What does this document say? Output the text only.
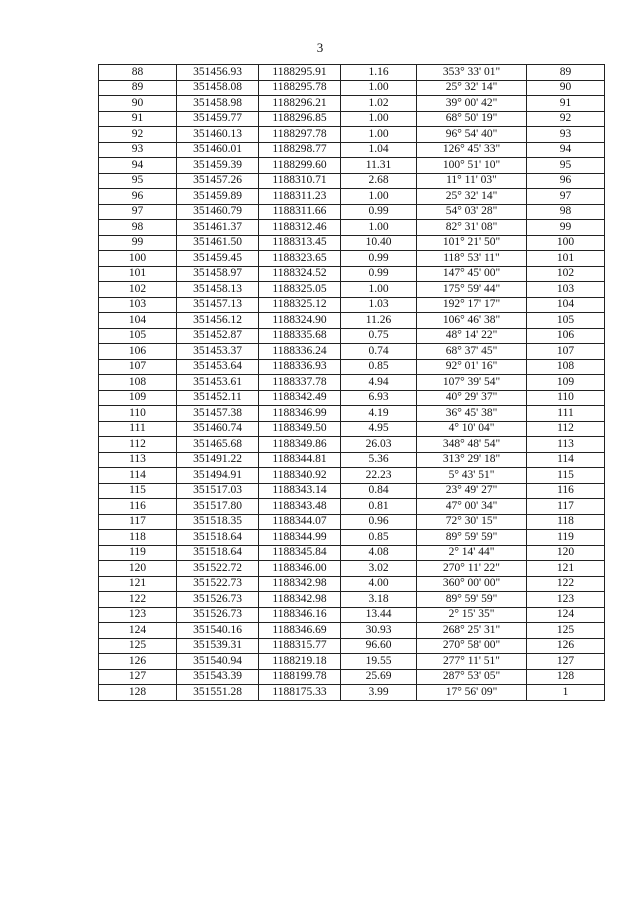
3
88	351456.93	1188295.91	1.16	353° 33' 01"	89
89	351458.08	1188295.78	1.00	25° 32' 14"	90
90	351458.98	1188296.21	1.02	39° 00' 42"	91
91	351459.77	1188296.85	1.00	68° 50' 19"	92
92	351460.13	1188297.78	1.00	96° 54' 40"	93
93	351460.01	1188298.77	1.04	126° 45' 33"	94
94	351459.39	1188299.60	11.31	100° 51' 10"	95
95	351457.26	1188310.71	2.68	11° 11' 03"	96
96	351459.89	1188311.23	1.00	25° 32' 14"	97
97	351460.79	1188311.66	0.99	54° 03' 28"	98
98	351461.37	1188312.46	1.00	82° 31' 08"	99
99	351461.50	1188313.45	10.40	101° 21' 50"	100
100	351459.45	1188323.65	0.99	118° 53' 11"	101
101	351458.97	1188324.52	0.99	147° 45' 00"	102
102	351458.13	1188325.05	1.00	175° 59' 44"	103
103	351457.13	1188325.12	1.03	192° 17' 17"	104
104	351456.12	1188324.90	11.26	106° 46' 38"	105
105	351452.87	1188335.68	0.75	48° 14' 22"	106
106	351453.37	1188336.24	0.74	68° 37' 45"	107
107	351453.64	1188336.93	0.85	92° 01' 16"	108
108	351453.61	1188337.78	4.94	107° 39' 54"	109
109	351452.11	1188342.49	6.93	40° 29' 37"	110
110	351457.38	1188346.99	4.19	36° 45' 38"	111
111	351460.74	1188349.50	4.95	4° 10' 04"	112
112	351465.68	1188349.86	26.03	348° 48' 54"	113
113	351491.22	1188344.81	5.36	313° 29' 18"	114
114	351494.91	1188340.92	22.23	5° 43' 51"	115
115	351517.03	1188343.14	0.84	23° 49' 27"	116
116	351517.80	1188343.48	0.81	47° 00' 34"	117
117	351518.35	1188344.07	0.96	72° 30' 15"	118
118	351518.64	1188344.99	0.85	89° 59' 59"	119
119	351518.64	1188345.84	4.08	2° 14' 44"	120
120	351522.72	1188346.00	3.02	270° 11' 22"	121
121	351522.73	1188342.98	4.00	360° 00' 00"	122
122	351526.73	1188342.98	3.18	89° 59' 59"	123
123	351526.73	1188346.16	13.44	2° 15' 35"	124
124	351540.16	1188346.69	30.93	268° 25' 31"	125
125	351539.31	1188315.77	96.60	270° 58' 00"	126
126	351540.94	1188219.18	19.55	277° 11' 51"	127
127	351543.39	1188199.78	25.69	287° 53' 05"	128
128	351551.28	1188175.33	3.99	17° 56' 09"	1
